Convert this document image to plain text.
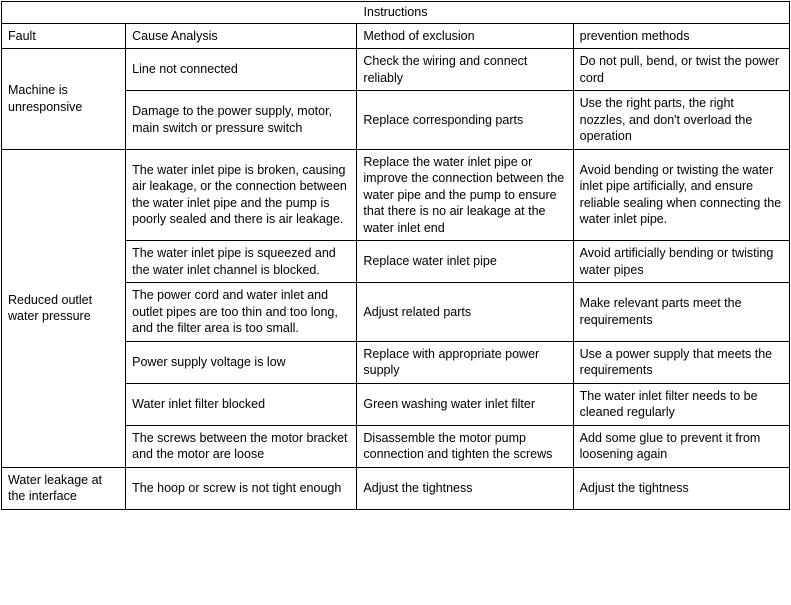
Instructions			
Fault	Cause Analysis	Method of exclusion	prevention methods
Machine is unresponsive	Line not connected	Check the wiring and connect reliably	Do not pull, bend, or twist the power cord
	Damage to the power supply, motor, main switch or pressure switch	Replace corresponding parts	Use the right parts, the right nozzles, and don't overload the operation
Reduced outlet water pressure	The water inlet pipe is broken, causing air leakage, or the connection between the water inlet pipe and the pump is poorly sealed and there is air leakage.	Replace the water inlet pipe or improve the connection between the water pipe and the pump to ensure that there is no air leakage at the water inlet end	Avoid bending or twisting the water inlet pipe artificially, and ensure reliable sealing when connecting the water inlet pipe.
	The water inlet pipe is squeezed and the water inlet channel is blocked.	Replace water inlet pipe	Avoid artificially bending or twisting water pipes
	The power cord and water inlet and outlet pipes are too thin and too long, and the filter area is too small.	Adjust related parts	Make relevant parts meet the requirements
	Power supply voltage is low	Replace with appropriate power supply	Use a power supply that meets the requirements
	Water inlet filter blocked	Green washing water inlet filter	The water inlet filter needs to be cleaned regularly
	The screws between the motor bracket and the motor are loose	Disassemble the motor pump connection and tighten the screws	Add some glue to prevent it from loosening again
Water leakage at the interface	The hoop or screw is not tight enough	Adjust the tightness	Adjust the tightness
